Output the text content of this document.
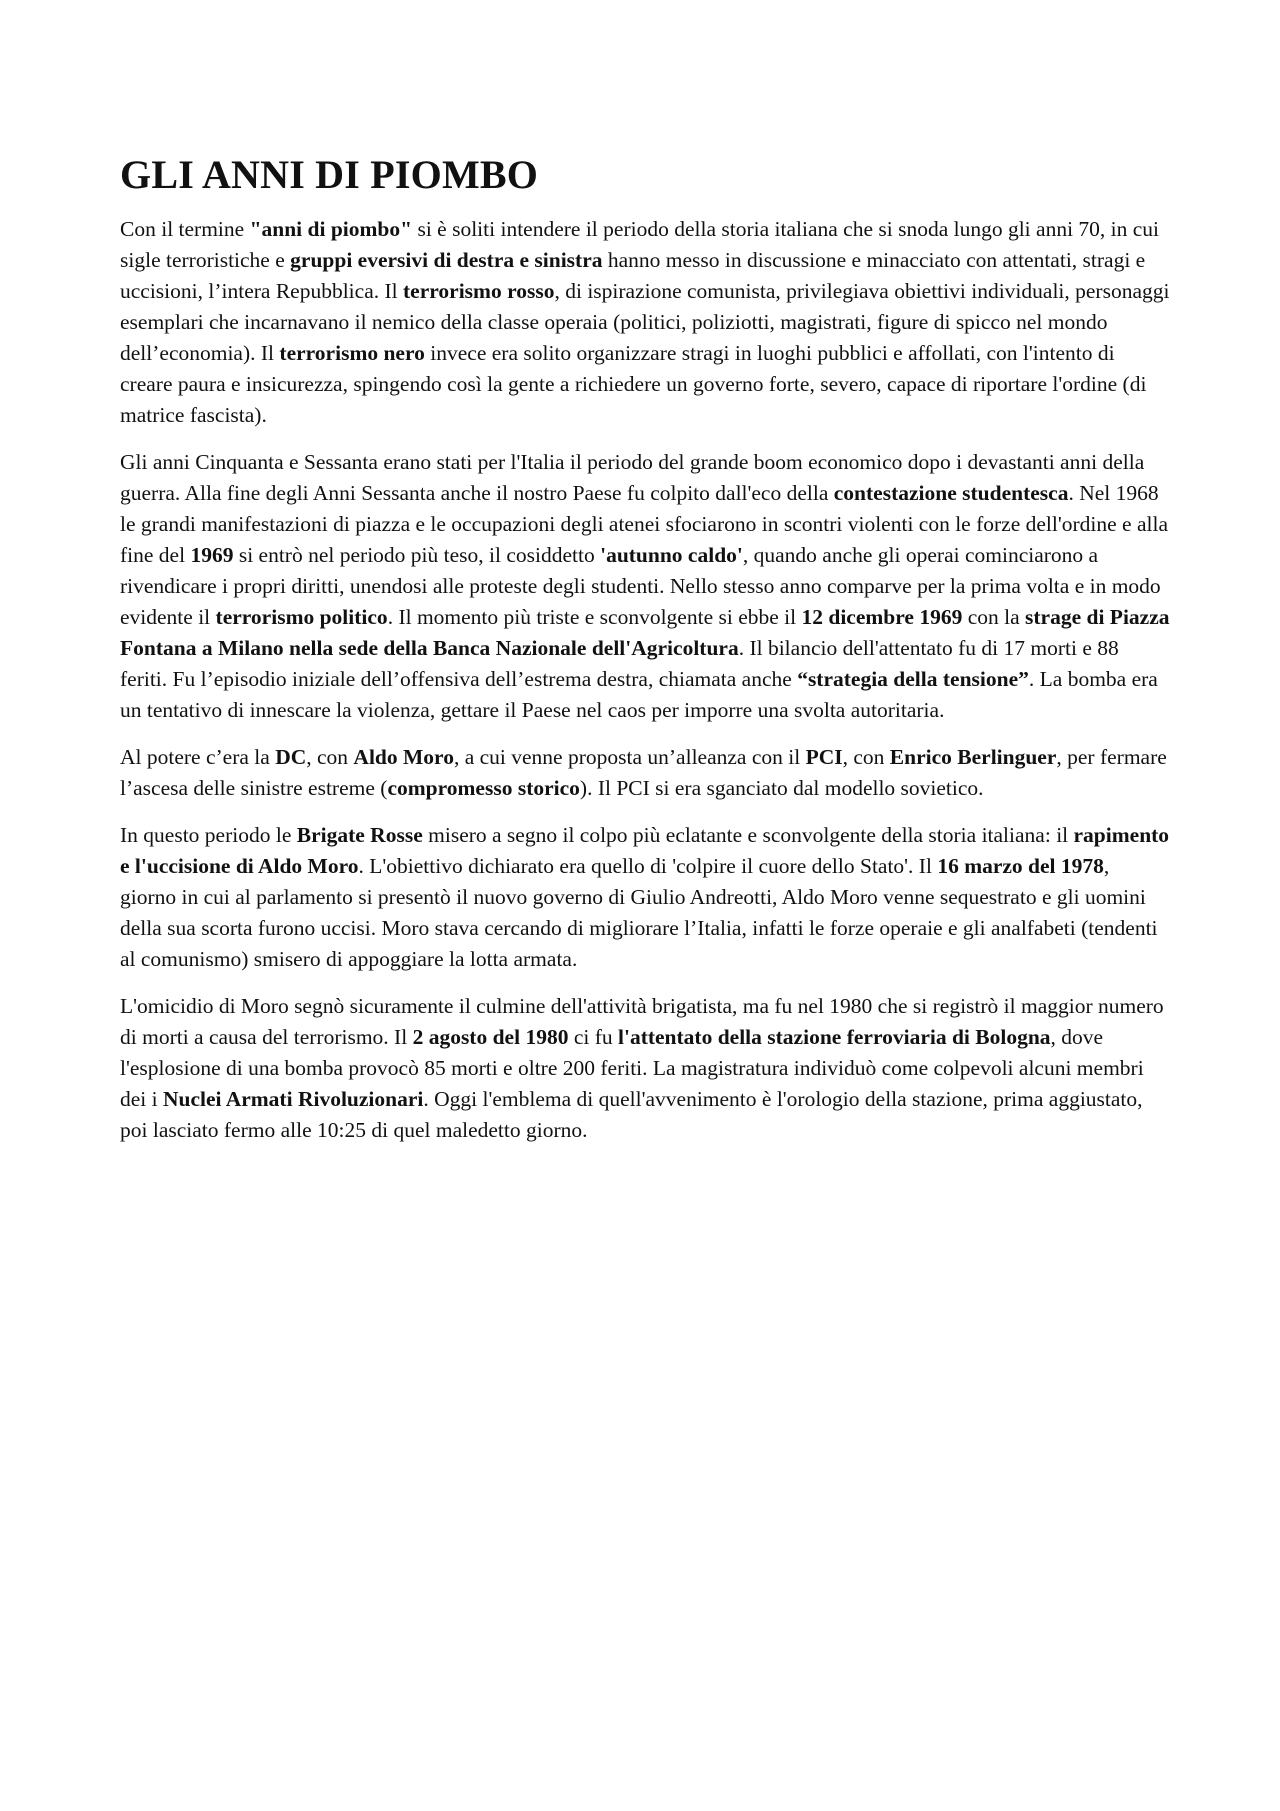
GLI ANNI DI PIOMBO

Con il termine "anni di piombo" si è soliti intendere il periodo della storia italiana che si snoda lungo gli anni 70, in cui sigle terroristiche e gruppi eversivi di destra e sinistra hanno messo in discussione e minacciato con attentati, stragi e uccisioni, l’intera Repubblica. Il terrorismo rosso, di ispirazione comunista, privilegiava obiettivi individuali, personaggi esemplari che incarnavano il nemico della classe operaia (politici, poliziotti, magistrati, figure di spicco nel mondo dell’economia). Il terrorismo nero invece era solito organizzare stragi in luoghi pubblici e affollati, con l'intento di creare paura e insicurezza, spingendo così la gente a richiedere un governo forte, severo, capace di riportare l'ordine (di matrice fascista).

Gli anni Cinquanta e Sessanta erano stati per l'Italia il periodo del grande boom economico dopo i devastanti anni della guerra. Alla fine degli Anni Sessanta anche il nostro Paese fu colpito dall'eco della contestazione studentesca. Nel 1968 le grandi manifestazioni di piazza e le occupazioni degli atenei sfociarono in scontri violenti con le forze dell'ordine e alla fine del 1969 si entrò nel periodo più teso, il cosiddetto 'autunno caldo', quando anche gli operai cominciarono a rivendicare i propri diritti, unendosi alle proteste degli studenti. Nello stesso anno comparve per la prima volta e in modo evidente il terrorismo politico. Il momento più triste e sconvolgente si ebbe il 12 dicembre 1969 con la strage di Piazza Fontana a Milano nella sede della Banca Nazionale dell'Agricoltura. Il bilancio dell'attentato fu di 17 morti e 88 feriti. Fu l’episodio iniziale dell’offensiva dell’estrema destra, chiamata anche “strategia della tensione”. La bomba era un tentativo di innescare la violenza, gettare il Paese nel caos per imporre una svolta autoritaria.

Al potere c’era la DC, con Aldo Moro, a cui venne proposta un’alleanza con il PCI, con Enrico Berlinguer, per fermare l’ascesa delle sinistre estreme (compromesso storico). Il PCI si era sganciato dal modello sovietico.

In questo periodo le Brigate Rosse misero a segno il colpo più eclatante e sconvolgente della storia italiana: il rapimento e l'uccisione di Aldo Moro. L'obiettivo dichiarato era quello di 'colpire il cuore dello Stato'. Il 16 marzo del 1978, giorno in cui al parlamento si presentò il nuovo governo di Giulio Andreotti, Aldo Moro venne sequestrato e gli uomini della sua scorta furono uccisi. Moro stava cercando di migliorare l’Italia, infatti le forze operaie e gli analfabeti (tendenti al comunismo) smisero di appoggiare la lotta armata.

L'omicidio di Moro segnò sicuramente il culmine dell'attività brigatista, ma fu nel 1980 che si registrò il maggior numero di morti a causa del terrorismo. Il 2 agosto del 1980 ci fu l'attentato della stazione ferroviaria di Bologna, dove l'esplosione di una bomba provocò 85 morti e oltre 200 feriti. La magistratura individuò come colpevoli alcuni membri dei i Nuclei Armati Rivoluzionari. Oggi l'emblema di quell'avvenimento è l'orologio della stazione, prima aggiustato, poi lasciato fermo alle 10:25 di quel maledetto giorno.
